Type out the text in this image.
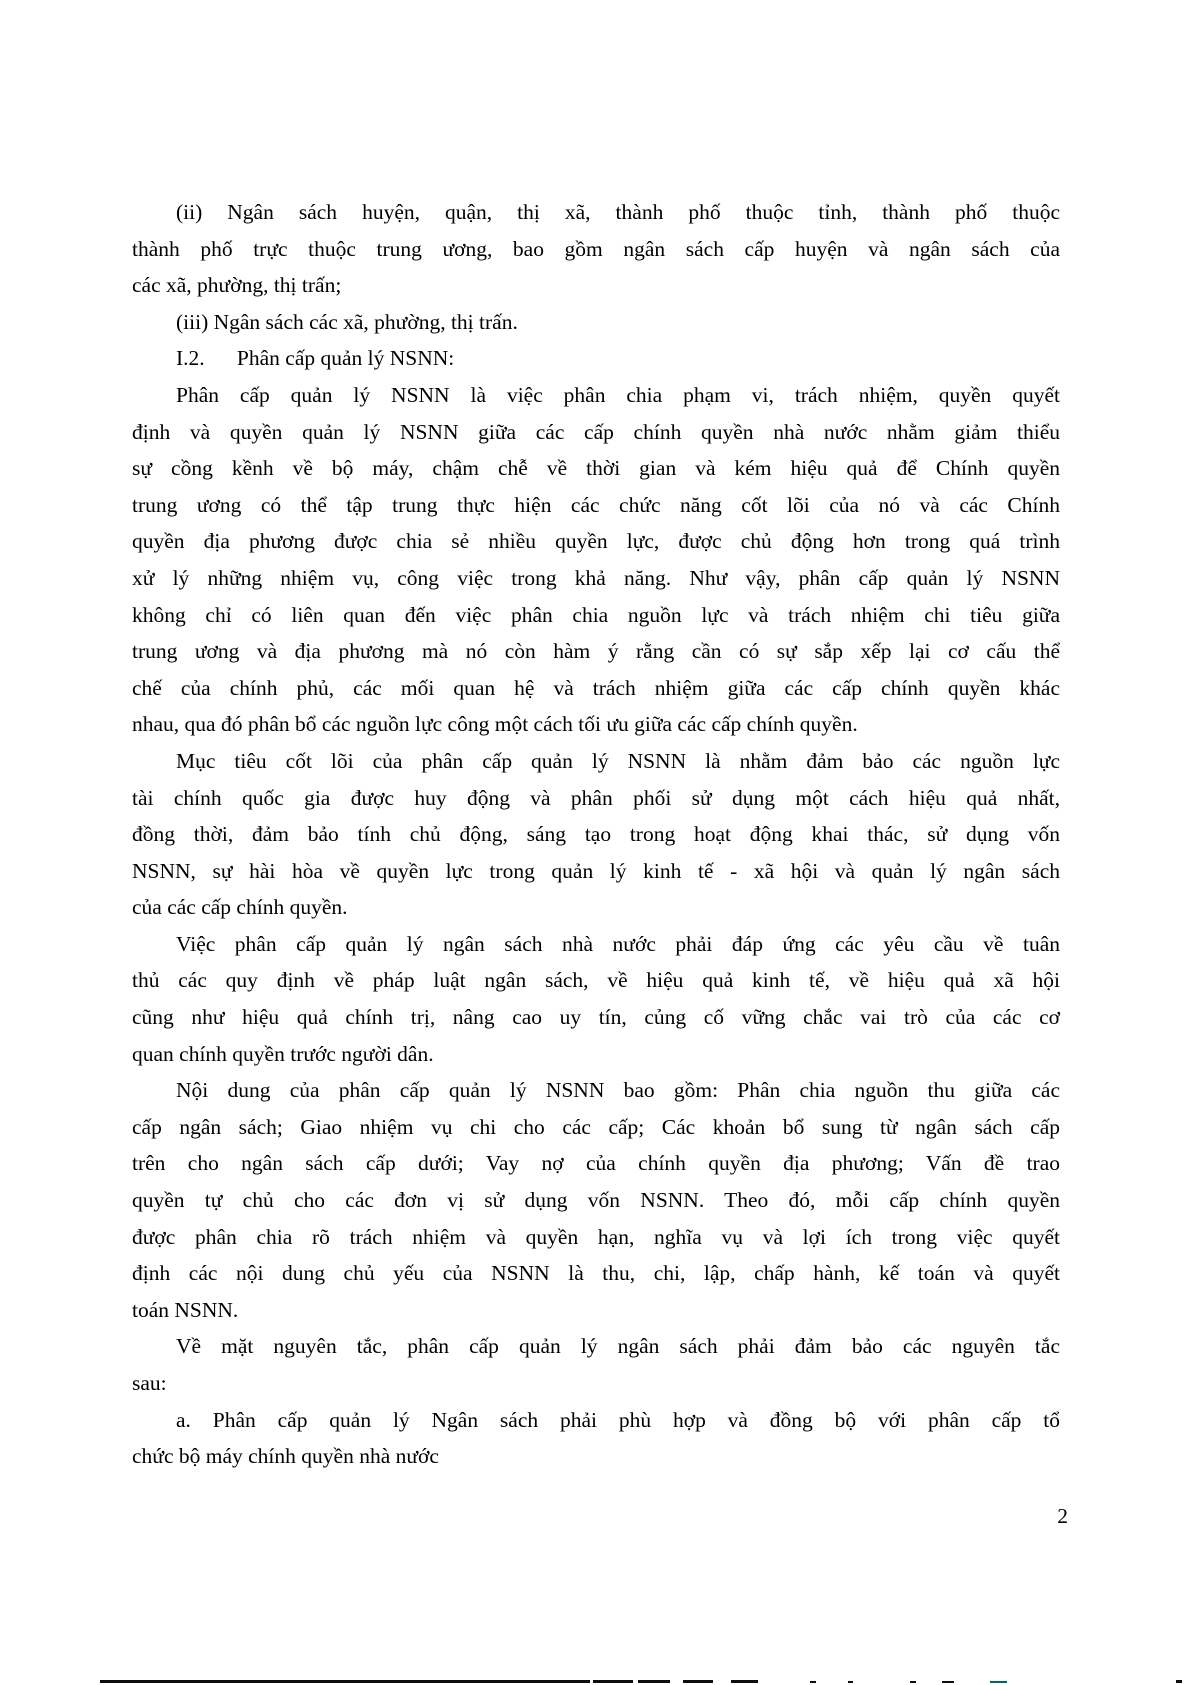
(ii) Ngân sách huyện, quận, thị xã, thành phố thuộc tỉnh, thành phố thuộc
thành phố trực thuộc trung ương, bao gồm ngân sách cấp huyện và ngân sách của
các xã, phường, thị trấn;
(iii) Ngân sách các xã, phường, thị trấn.
I.2.      Phân cấp quản lý NSNN:
Phân cấp quản lý NSNN là việc phân chia phạm vi, trách nhiệm, quyền quyết
định và quyền quản lý NSNN giữa các cấp chính quyền nhà nước nhằm giảm thiểu
sự cồng kềnh về bộ máy, chậm chễ về thời gian và kém hiệu quả để Chính quyền
trung ương có thể tập trung thực hiện các chức năng cốt lõi của nó và các Chính
quyền địa phương được chia sẻ nhiều quyền lực, được chủ động hơn trong quá trình
xử lý những nhiệm vụ, công việc trong khả năng. Như vậy, phân cấp quản lý NSNN
không chỉ có liên quan đến việc phân chia nguồn lực và trách nhiệm chi tiêu giữa
trung ương và địa phương mà nó còn hàm ý rằng cần có sự sắp xếp lại cơ cấu thể
chế của chính phủ, các mối quan hệ và trách nhiệm giữa các cấp chính quyền khác
nhau, qua đó phân bổ các nguồn lực công một cách tối ưu giữa các cấp chính quyền.
Mục tiêu cốt lõi của phân cấp quản lý NSNN là nhằm đảm bảo các nguồn lực
tài chính quốc gia được huy động và phân phối sử dụng một cách hiệu quả nhất,
đồng thời, đảm bảo tính chủ động, sáng tạo trong hoạt động khai thác, sử dụng vốn
NSNN, sự hài hòa về quyền lực trong quản lý kinh tế - xã hội và quản lý ngân sách
của các cấp chính quyền.
Việc phân cấp quản lý ngân sách nhà nước phải đáp ứng các yêu cầu về tuân
thủ các quy định về pháp luật ngân sách, về hiệu quả kinh tế, về hiệu quả xã hội
cũng như hiệu quả chính trị, nâng cao uy tín, củng cố vững chắc vai trò của các cơ
quan chính quyền trước người dân.
Nội dung của phân cấp quản lý NSNN bao gồm: Phân chia nguồn thu giữa các
cấp ngân sách; Giao nhiệm vụ chi cho các cấp; Các khoản bổ sung từ ngân sách cấp
trên cho ngân sách cấp dưới; Vay nợ của chính quyền địa phương; Vấn đề trao
quyền tự chủ cho các đơn vị sử dụng vốn NSNN. Theo đó, mỗi cấp chính quyền
được phân chia rõ trách nhiệm và quyền hạn, nghĩa vụ và lợi ích trong việc quyết
định các nội dung chủ yếu của NSNN là thu, chi, lập, chấp hành, kế toán và quyết
toán NSNN.
Về mặt nguyên tắc, phân cấp quản lý ngân sách phải đảm bảo các nguyên tắc
sau:
a. Phân cấp quản lý Ngân sách phải phù hợp và đồng bộ với phân cấp tổ
chức bộ máy chính quyền nhà nước
2
